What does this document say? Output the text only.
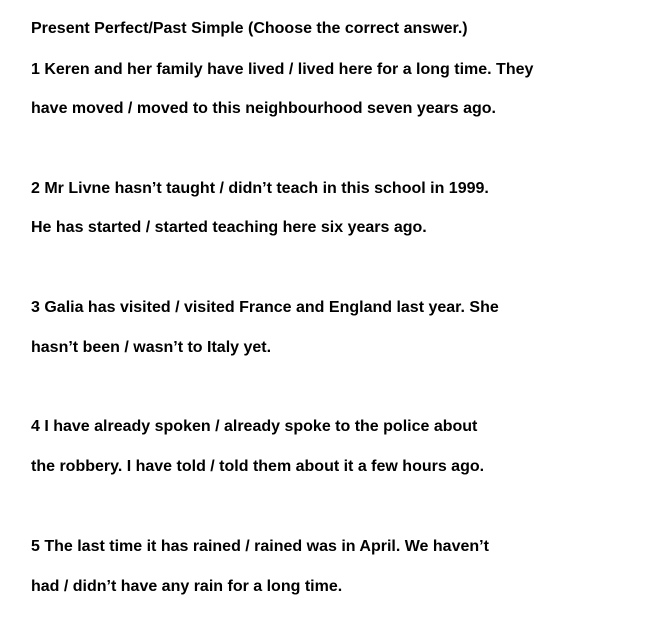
Present Perfect/Past Simple (Choose the correct answer.)
1 Keren and her family have lived / lived here for a long time. They
have moved / moved to this neighbourhood seven years ago.
2 Mr Livne hasn’t taught / didn’t teach in this school in 1999.
He has started / started teaching here six years ago.
3 Galia has visited / visited France and England last year. She
hasn’t been / wasn’t to Italy yet.
4 I have already spoken / already spoke to the police about
the robbery. I have told / told them about it a few hours ago.
5 The last time it has rained / rained was in April. We haven’t
had / didn’t have any rain for a long time.
